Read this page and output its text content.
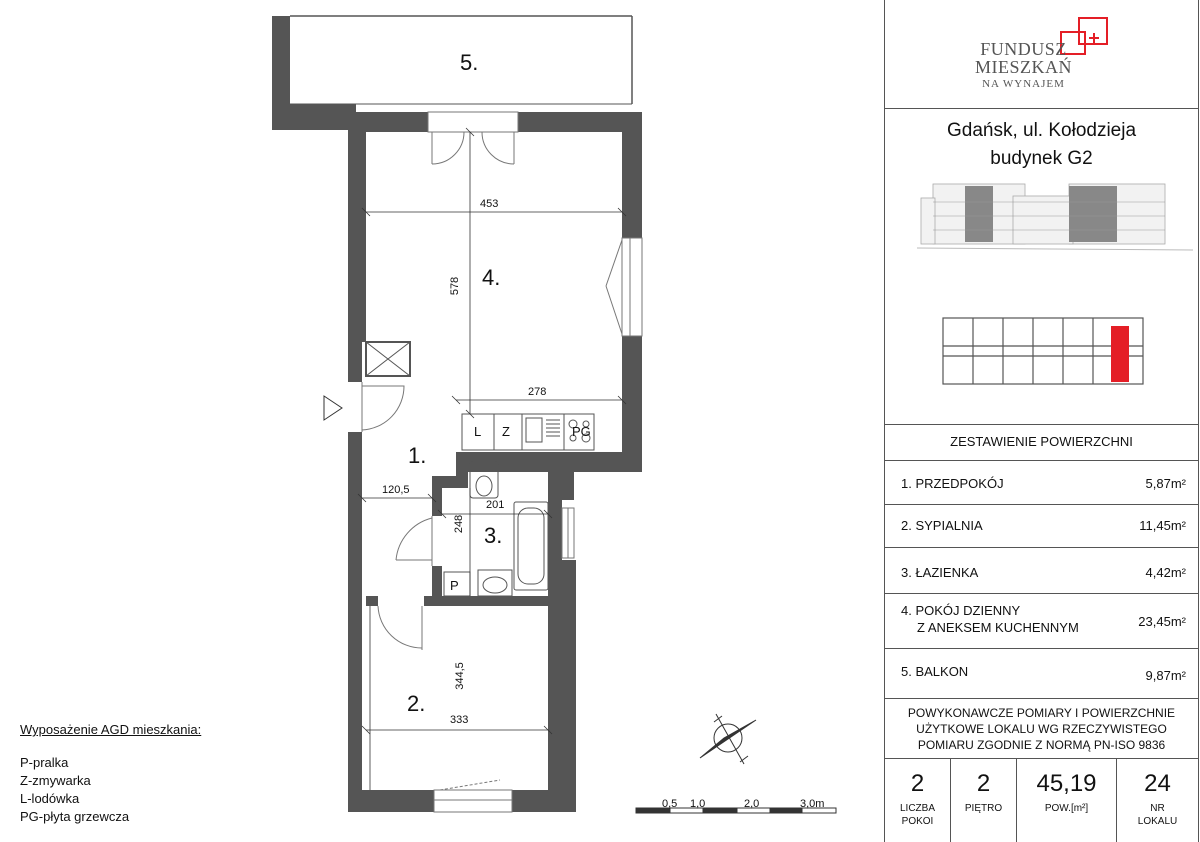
5.
4.
1.
3.
2.
453
578
278
120,5
201
248
344,5
333
L Z	PG
P
0,5 1,0	2,0	3,0m
Wyposażenie AGD mieszkania:
P-pralka
Z-zmywarka
L-lodówka
PG-płyta grzewcza
FUNDUSZ
MIESZKAŃ
NA WYNAJEM
Gdańsk, ul. Kołodzieja
budynek G2
ZESTAWIENIE POWIERZCHNI
1. PRZEDPOKÓJ	5,87m²
2. SYPIALNIA	11,45m²
3. ŁAZIENKA	4,42m²
4. POKÓJ DZIENNY
Z ANEKSEM KUCHENNYM	23,45m²
5. BALKON	9,87m²
POWYKONAWCZE POMIARY I POWIERZCHNIE
UŻYTKOWE LOKALU WG RZECZYWISTEGO
POMIARU ZGODNIE Z NORMĄ PN-ISO 9836
2
LICZBA
POKOI
2
PIĘTRO
45,19
POW.[m²]
24
NR
LOKALU
